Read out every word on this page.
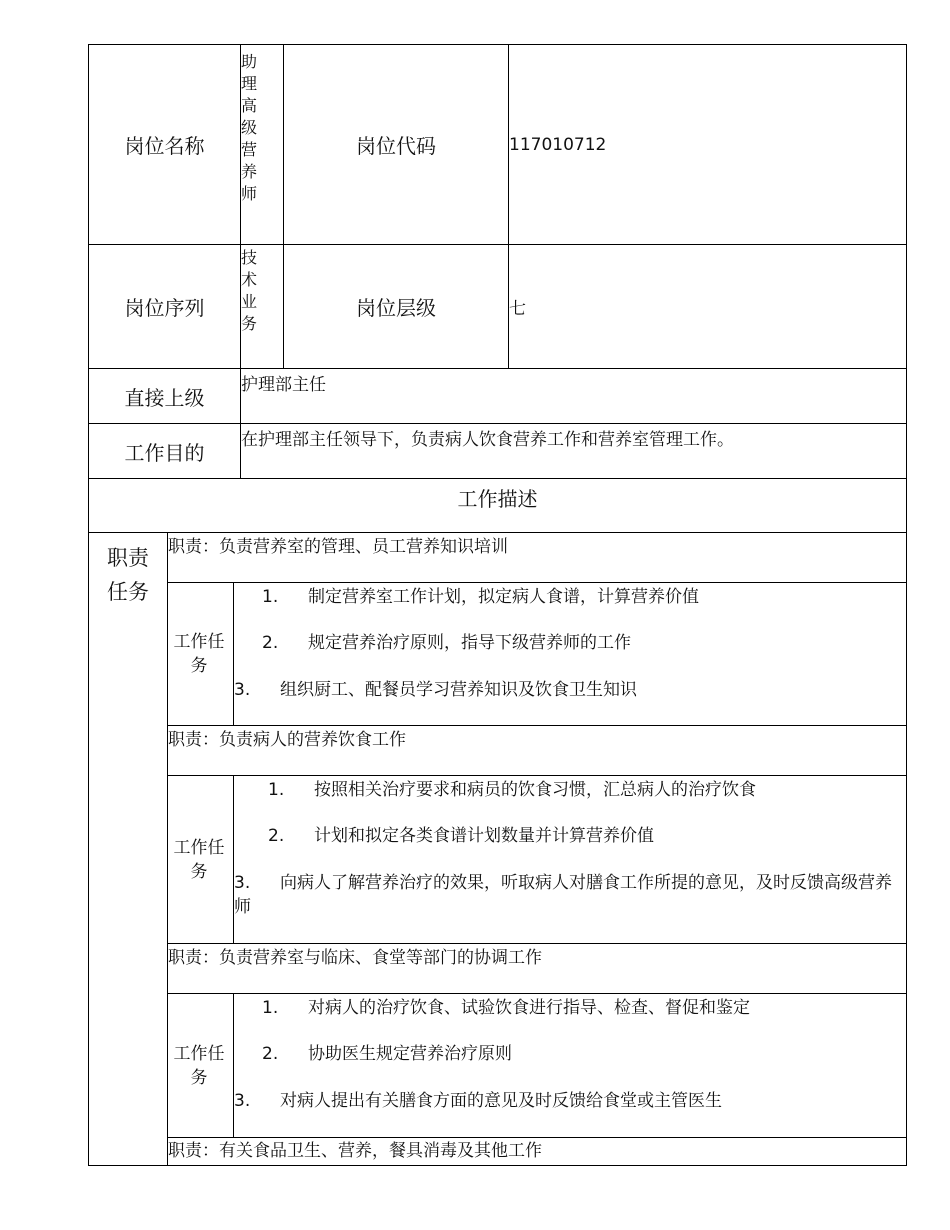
岗位名称
助理高级营养师
岗位代码	117010712
岗位序列
技术业务
岗位层级	七
直接上级
护理部主任
工作目的
在护理部主任领导下，负责病人饮食营养工作和营养室管理工作。
工作描述
职责任务
职责：负责营养室的管理、员工营养知识培训
工作任务
1. 制定营养室工作计划，拟定病人食谱，计算营养价值
2. 规定营养治疗原则，指导下级营养师的工作
3. 组织厨工、配餐员学习营养知识及饮食卫生知识
职责：负责病人的营养饮食工作
工作任务
1. 按照相关治疗要求和病员的饮食习惯，汇总病人的治疗饮食
2. 计划和拟定各类食谱计划数量并计算营养价值
3. 向病人了解营养治疗的效果，听取病人对膳食工作所提的意见，及时反馈高级营养师
职责：负责营养室与临床、食堂等部门的协调工作
工作任务
1. 对病人的治疗饮食、试验饮食进行指导、检查、督促和鉴定
2. 协助医生规定营养治疗原则
3. 对病人提出有关膳食方面的意见及时反馈给食堂或主管医生
职责：有关食品卫生、营养，餐具消毒及其他工作
